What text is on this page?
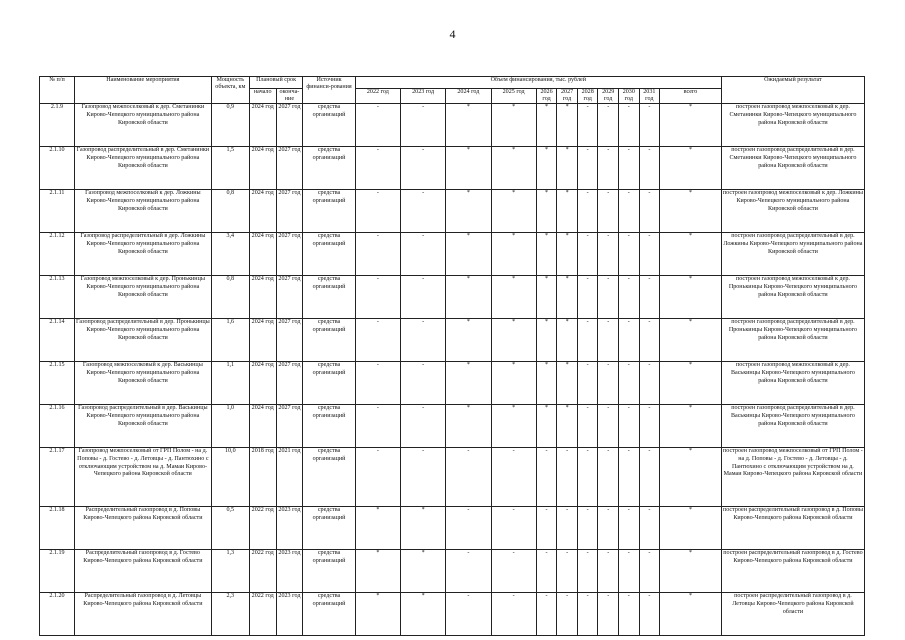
4
№ п/п	Наименование мероприятия	Мощность объекта, км	Плановый срок		Источник финанси-рования	Объем финансирования, тыс. рублей											Ожидаемый результат
			начало	оконча-ние		2022 год	2023 год	2024 год	2025 год	2026 год	2027 год	2028 год	2029 год	2030 год	2031 год	всего	

2.1.9	Газопровод межпоселковый к дер. Сметанинки Кирово-Чепецкого муниципального района Кировской области	0,9	2024 год	2027 год	средства организаций	-	-	*	*	*	*	-	-	-	-	*	построен газопровод межпоселковый к дер. Сметанинки Кирово-Чепецкого муниципального района Кировской области
2.1.10	Газопровод распределительный в дер. Сметанинки Кирово-Чепецкого муниципального района Кировской области	1,5	2024 год	2027 год	средства организаций	-	-	*	*	*	*	-	-	-	-	*	построен газопровод распределительный в дер. Сметанинки Кирово-Чепецкого муниципального района Кировской области
2.1.11	Газопровод межпоселковый к дер. Ложкины Кирово-Чепецкого муниципального района Кировской области	0,8	2024 год	2027 год	средства организаций	-	-	*	*	*	*	-	-	-	-	*	построен газопровод межпоселковый к дер. Ложкины Кирово-Чепецкого муниципального района Кировской области
2.1.12	Газопровод распределительный в дер. Ложкины Кирово-Чепецкого муниципального района Кировской области	3,4	2024 год	2027 год	средства организаций	-	-	*	*	*	*	-	-	-	-	*	построен газопровод распределительный в дер. Ложкины Кирово-Чепецкого муниципального района Кировской области
2.1.13	Газопровод межпоселковый к дер. Пронькинцы Кирово-Чепецкого муниципального района Кировской области	0,8	2024 год	2027 год	средства организаций	-	-	*	*	*	*	-	-	-	-	*	построен газопровод межпоселковый к дер. Пронькинцы Кирово-Чепецкого муниципального района Кировской области
2.1.14	Газопровод распределительный в дер. Пронькинцы Кирово-Чепецкого муниципального района Кировской области	1,6	2024 год	2027 год	средства организаций	-	-	*	*	*	*	-	-	-	-	*	построен газопровод распределительный в дер. Пронькинцы Кирово-Чепецкого муниципального района Кировской области
2.1.15	Газопровод межпоселковый к дер. Васькинцы Кирово-Чепецкого муниципального района Кировской области	1,1	2024 год	2027 год	средства организаций	-	-	*	*	*	*	-	-	-	-	*	построен газопровод межпоселковый к дер. Васькинцы Кирово-Чепецкого муниципального района Кировской области
2.1.16	Газопровод распределительный в дер. Васькинцы Кирово-Чепецкого муниципального района Кировской области	1,0	2024 год	2027 год	средства организаций	-	-	*	*	*	*	-	-	-	-	*	построен газопровод распределительный в дер. Васькинцы Кирово-Чепецкого муниципального района Кировской области
2.1.17	Газопровод межпоселковый от ГРП Полом - на д. Поповы - д. Гостево - д. Летовцы - д. Пантюхино с отключающим устройством на д. Мамаи Кирово-Чепецкого района Кировской области	10,0	2018 год	2021 год	средства организаций	-	-	-	-	-	-	-	-	-	-	*	построен газопровод межпоселковый от ГРП Полом - на д. Поповы - д. Гостево - д. Летовцы - д. Пантюхино с отключающим устройством на д. Мамаи Кирово-Чепецкого района Кировской области
2.1.18	Распределительный газопровод в д. Поповы Кирово-Чепецкого района Кировской области	0,5	2022 год	2023 год	средства организаций	*	*	-	-	-	-	-	-	-	-	*	построен распределительный газопровод в д. Поповы Кирово-Чепецкого района Кировской области
2.1.19	Распределительный газопровод в д. Гостево Кирово-Чепецкого района Кировской области	1,3	2022 год	2023 год	средства организаций	*	*	-	-	-	-	-	-	-	-	*	построен распределительный газопровод в д. Гостево Кирово-Чепецкого района Кировской области
2.1.20	Распределительный газопровод в д. Летовцы Кирово-Чепецкого района Кировской области	2,3	2022 год	2023 год	средства организаций	*	*	-	-	-	-	-	-	-	-	*	построен распределительный газопровод в д. Летовцы Кирово-Чепецкого района Кировской области
